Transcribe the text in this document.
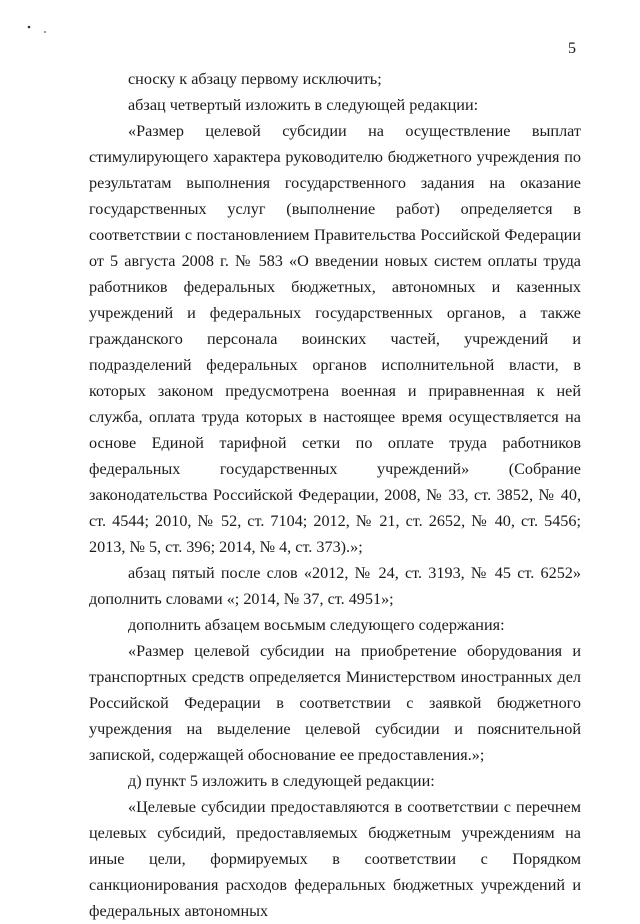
5

сноску к абзацу первому исключить;

абзац четвертый изложить в следующей редакции:

«Размер целевой субсидии на осуществление выплат стимулирующего характера руководителю бюджетного учреждения по результатам выполнения государственного задания на оказание государственных услуг (выполнение работ) определяется в соответствии с постановлением Правительства Российской Федерации от 5 августа 2008 г. № 583 «О введении новых систем оплаты труда работников федеральных бюджетных, автономных и казенных учреждений и федеральных государственных органов, а также гражданского персонала воинских частей, учреждений и подразделений федеральных органов исполнительной власти, в которых законом предусмотрена военная и приравненная к ней служба, оплата труда которых в настоящее время осуществляется на основе Единой тарифной сетки по оплате труда работников федеральных государственных учреждений» (Собрание законодательства Российской Федерации, 2008, № 33, ст. 3852, № 40, ст. 4544; 2010, № 52, ст. 7104; 2012, № 21, ст. 2652, № 40, ст. 5456; 2013, № 5, ст. 396; 2014, № 4, ст. 373).»;

абзац пятый после слов «2012, № 24, ст. 3193, № 45 ст. 6252» дополнить словами «; 2014, № 37, ст. 4951»;

дополнить абзацем восьмым следующего содержания:

«Размер целевой субсидии на приобретение оборудования и транспортных средств определяется Министерством иностранных дел Российской Федерации в соответствии с заявкой бюджетного учреждения на выделение целевой субсидии и пояснительной запиской, содержащей обоснование ее предоставления.»;

д) пункт 5 изложить в следующей редакции:

«Целевые субсидии предоставляются в соответствии с перечнем целевых субсидий, предоставляемых бюджетным учреждениям на иные цели, формируемых в соответствии с Порядком санкционирования расходов федеральных бюджетных учреждений и федеральных автономных
